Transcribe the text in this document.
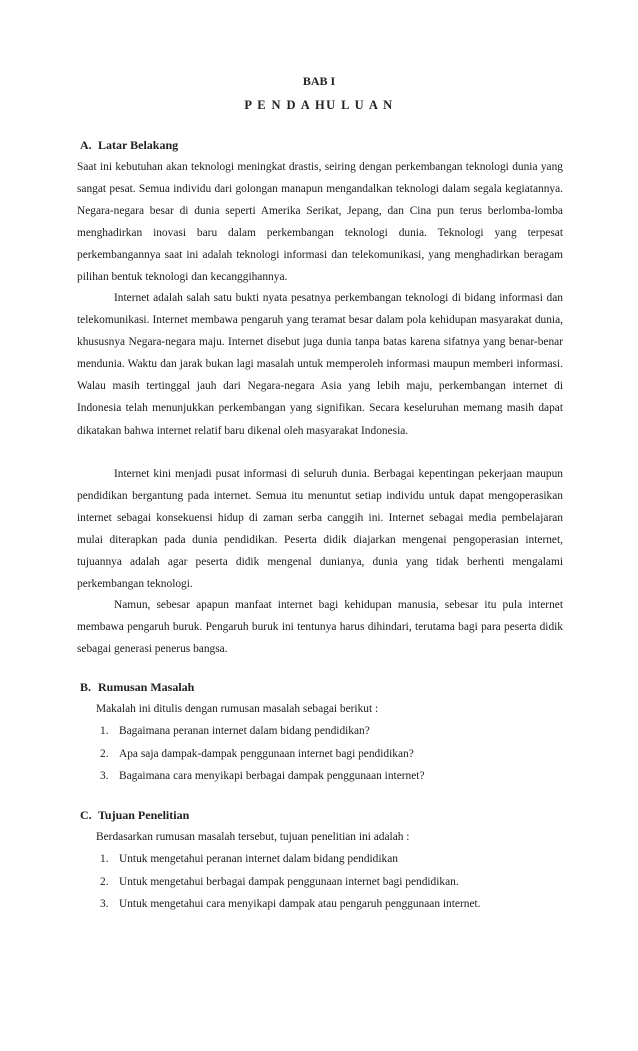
BAB I
P E N D A HU L U A N
A. Latar Belakang

Saat ini kebutuhan akan teknologi meningkat drastis, seiring dengan perkembangan teknologi dunia yang sangat pesat. Semua individu dari golongan manapun mengandalkan teknologi dalam segala kegiatannya. Negara-negara besar di dunia seperti Amerika Serikat, Jepang, dan Cina pun terus berlomba-lomba menghadirkan inovasi baru dalam perkembangan teknologi dunia. Teknologi yang terpesat perkembangannya saat ini adalah teknologi informasi dan telekomunikasi, yang menghadirkan beragam pilihan bentuk teknologi dan kecanggihannya.

Internet adalah salah satu bukti nyata pesatnya perkembangan teknologi di bidang informasi dan telekomunikasi. Internet membawa pengaruh yang teramat besar dalam pola kehidupan masyarakat dunia, khususnya Negara-negara maju. Internet disebut juga dunia tanpa batas karena sifatnya yang benar-benar mendunia. Waktu dan jarak bukan lagi masalah untuk memperoleh informasi maupun memberi informasi. Walau masih tertinggal jauh dari Negara-negara Asia yang lebih maju, perkembangan internet di Indonesia telah menunjukkan perkembangan yang signifikan. Secara keseluruhan memang masih dapat dikatakan bahwa internet relatif baru dikenal oleh masyarakat Indonesia.

Internet kini menjadi pusat informasi di seluruh dunia. Berbagai kepentingan pekerjaan maupun pendidikan bergantung pada internet. Semua itu menuntut setiap individu untuk dapat mengoperasikan internet sebagai konsekuensi hidup di zaman serba canggih ini. Internet sebagai media pembelajaran mulai diterapkan pada dunia pendidikan. Peserta didik diajarkan mengenai pengoperasian internet, tujuannya adalah agar peserta didik mengenal dunianya, dunia yang tidak berhenti mengalami perkembangan teknologi.

Namun, sebesar apapun manfaat internet bagi kehidupan manusia, sebesar itu pula internet membawa pengaruh buruk. Pengaruh buruk ini tentunya harus dihindari, terutama bagi para peserta didik sebagai generasi penerus bangsa.

B. Rumusan Masalah
Makalah ini ditulis dengan rumusan masalah sebagai berikut :
1. Bagaimana peranan internet dalam bidang pendidikan?
2. Apa saja dampak-dampak penggunaan internet bagi pendidikan?
3. Bagaimana cara menyikapi berbagai dampak penggunaan internet?
C. Tujuan Penelitian
Berdasarkan rumusan masalah tersebut, tujuan penelitian ini adalah :
1. Untuk mengetahui peranan internet dalam bidang pendidikan
2. Untuk mengetahui berbagai dampak penggunaan internet bagi pendidikan.
3. Untuk mengetahui cara menyikapi dampak atau pengaruh penggunaan internet.
